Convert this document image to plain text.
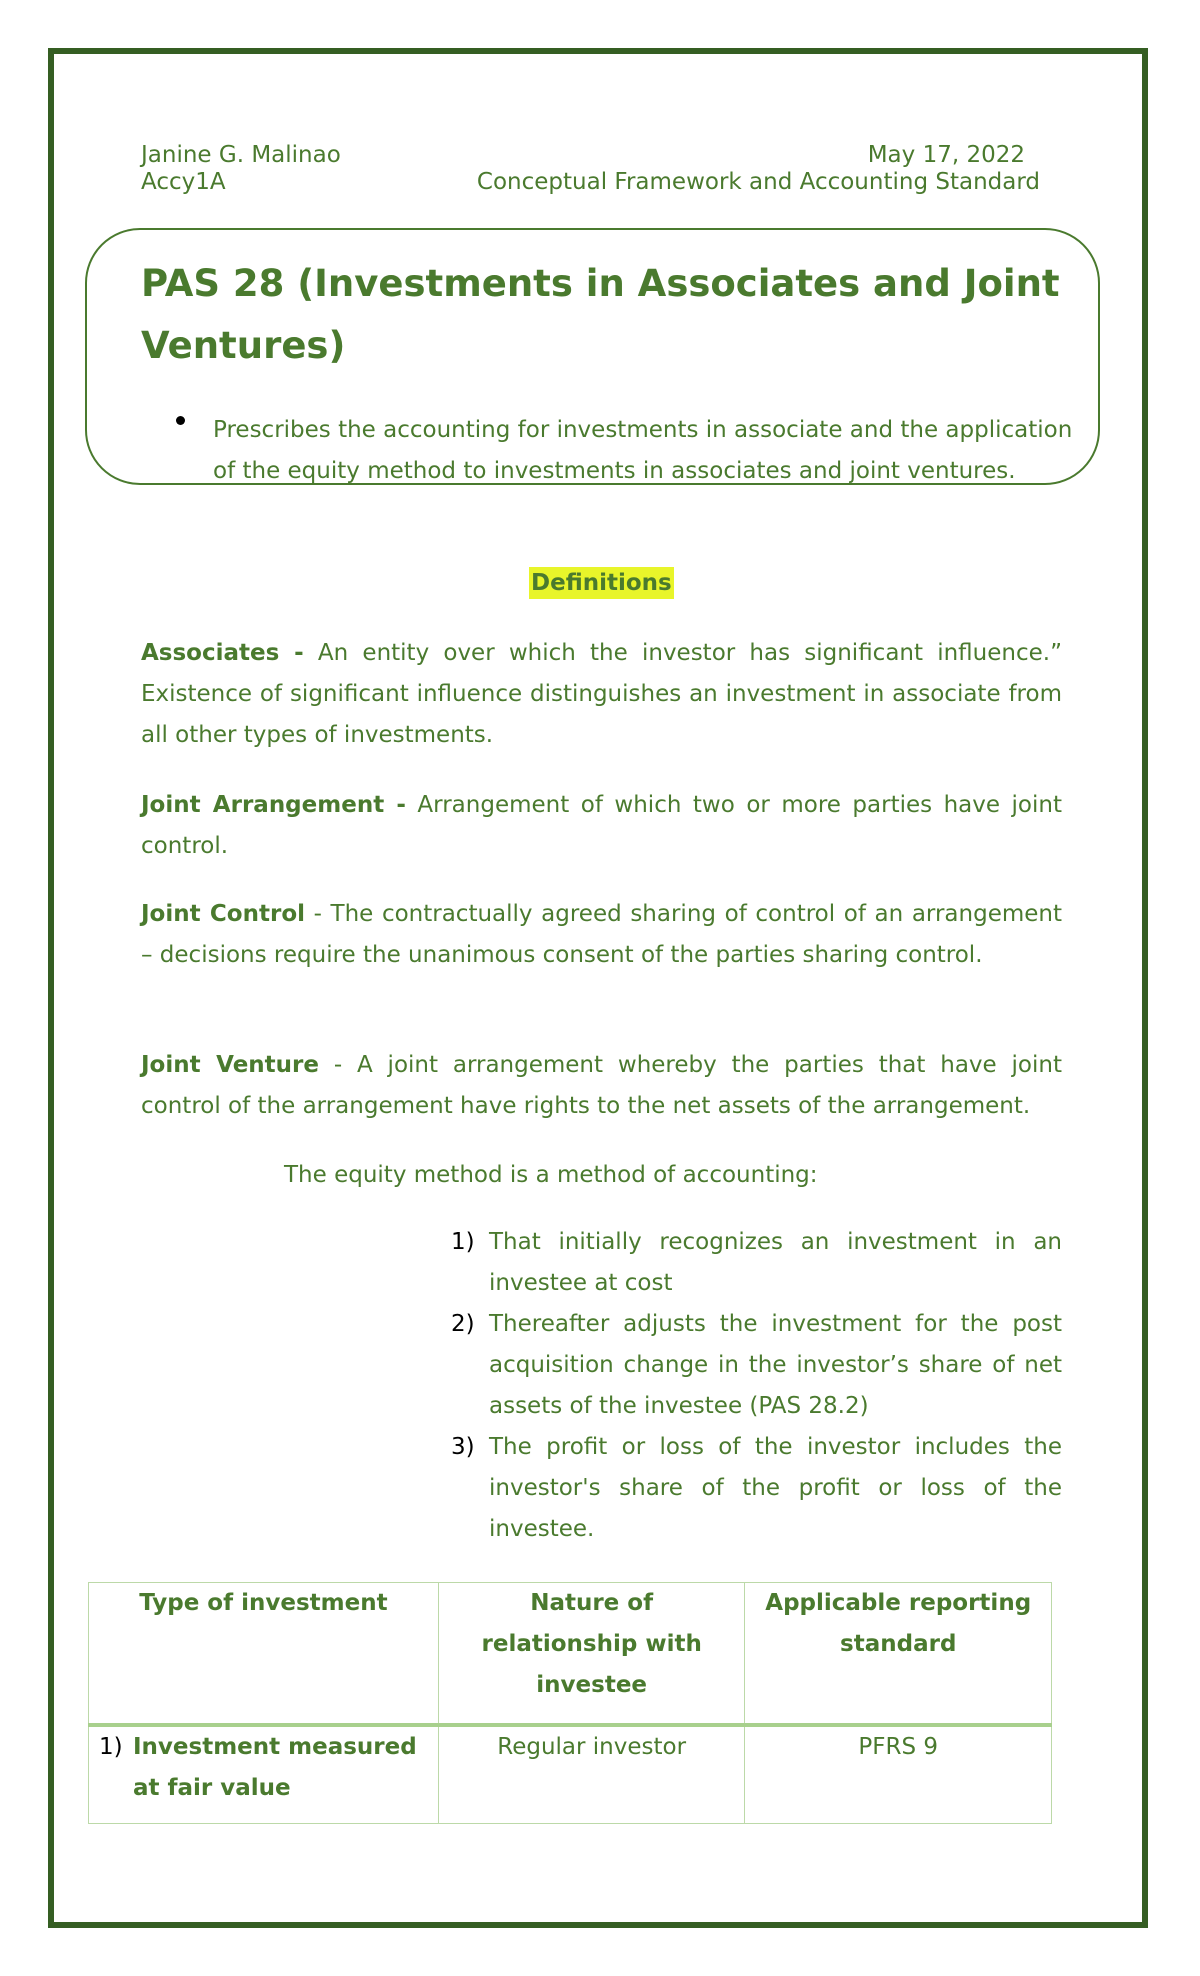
Janine G. Malinao
Accy1A
May 17, 2022
Conceptual Framework and Accounting Standard
PAS 28 (Investments in Associates and Joint Ventures)
Prescribes the accounting for investments in associate and the application of the equity method to investments in associates and joint ventures.
Definitions
Associates - An entity over which the investor has significant influence.” Existence of significant influence distinguishes an investment in associate from all other types of investments.
Joint Arrangement - Arrangement of which two or more parties have joint control.
Joint Control - The contractually agreed sharing of control of an arrangement – decisions require the unanimous consent of the parties sharing control.
Joint Venture - A joint arrangement whereby the parties that have joint control of the arrangement have rights to the net assets of the arrangement.
The equity method is a method of accounting:
1) That initially recognizes an investment in an investee at cost
2) Thereafter adjusts the investment for the post acquisition change in the investor’s share of net assets of the investee (PAS 28.2)
3) The profit or loss of the investor includes the investor's share of the profit or loss of the investee.
Type of investment	Nature of relationship with investee	Applicable reporting standard
1) Investment measured at fair value	Regular investor	PFRS 9
